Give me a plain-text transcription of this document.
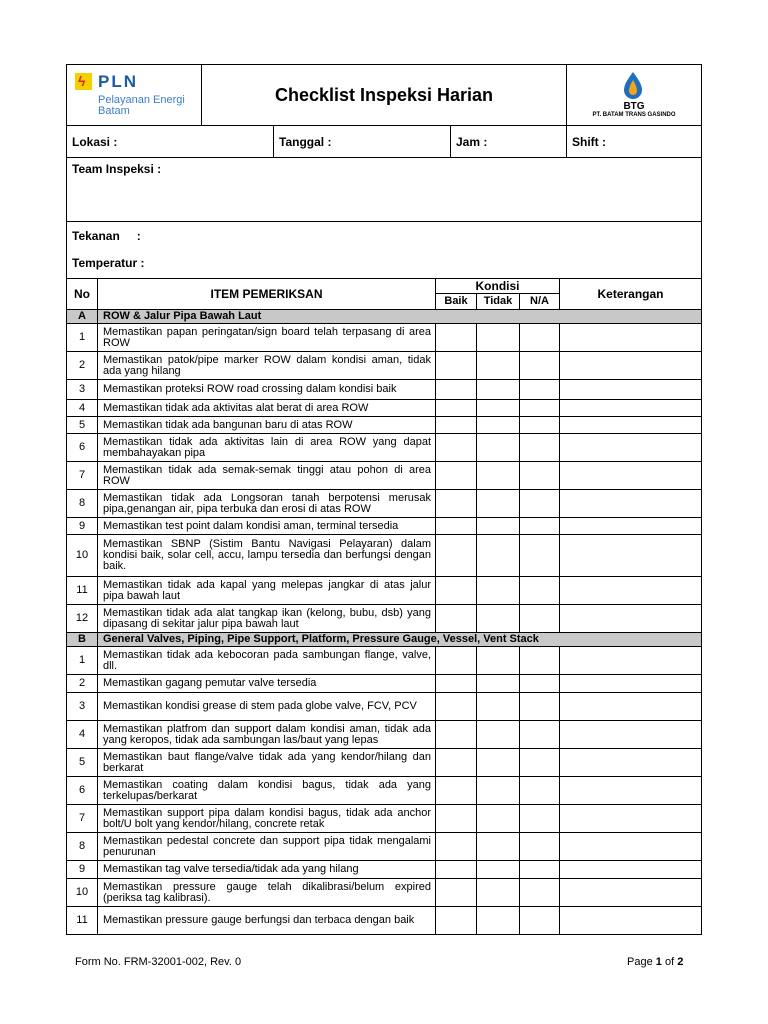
ϟ PLN
Pelayanan Energi Batam
	Checklist Inspeksi Harian	
BTG
PT. BATAM TRANS GASINDO
Lokasi :	Tanggal :	Jam :	Shift :
Team Inspeksi :

Tekanan :
Temperatur :
No	ITEM PEMERIKSAN	Kondisi			Keterangan
		Baik	Tidak	N/A	
A	ROW & Jalur Pipa Bawah Laut				
1	Memastikan papan peringatan/sign board telah terpasang di area ROW				
2	Memastikan patok/pipe marker ROW dalam kondisi aman, tidak ada yang hilang				
3	Memastikan proteksi ROW road crossing dalam kondisi baik				
4	Memastikan tidak ada aktivitas alat berat di area ROW				
5	Memastikan tidak ada bangunan baru di atas ROW				
6	Memastikan tidak ada aktivitas lain di area ROW yang dapat membahayakan pipa				
7	Memastikan tidak ada semak-semak tinggi atau pohon di area ROW				
8	Memastikan tidak ada Longsoran tanah berpotensi merusak pipa,genangan air, pipa terbuka dan erosi di atas ROW				
9	Memastikan test point dalam kondisi aman, terminal tersedia				
10	Memastikan SBNP (Sistim Bantu Navigasi Pelayaran) dalam kondisi baik, solar cell, accu, lampu tersedia dan berfungsi dengan baik.				
11	Memastikan tidak ada kapal yang melepas jangkar di atas jalur pipa bawah laut				
12	Memastikan tidak ada alat tangkap ikan (kelong, bubu, dsb) yang dipasang di sekitar jalur pipa bawah laut				
B	General Valves, Piping, Pipe Support, Platform, Pressure Gauge, Vessel, Vent Stack				
1	Memastikan tidak ada kebocoran pada sambungan flange, valve, dll.				
2	Memastikan gagang pemutar valve tersedia				
3	Memastikan kondisi grease di stem pada globe valve, FCV, PCV				
4	Memastikan platfrom dan support dalam kondisi aman, tidak ada yang keropos, tidak ada sambungan las/baut yang lepas				
5	Memastikan baut flange/valve tidak ada yang kendor/hilang dan berkarat				
6	Memastikan coating dalam kondisi bagus, tidak ada yang terkelupas/berkarat				
7	Memastikan support pipa dalam kondisi bagus, tidak ada anchor bolt/U bolt yang kendor/hilang, concrete retak				
8	Memastikan pedestal concrete dan support pipa tidak mengalami penurunan				
9	Memastikan tag valve tersedia/tidak ada yang hilang				
10	Memastikan pressure gauge telah dikalibrasi/belum expired (periksa tag kalibrasi).				
11	Memastikan pressure gauge berfungsi dan terbaca dengan baik				
Form No. FRM-32001-002, Rev. 0	Page 1 of 2
